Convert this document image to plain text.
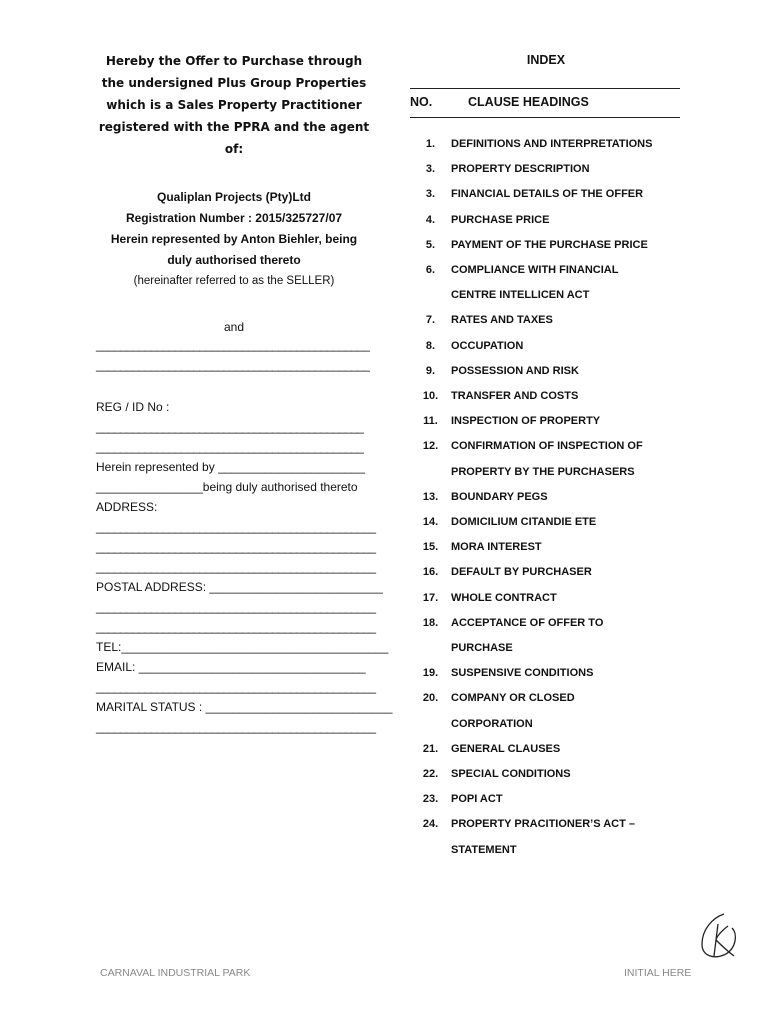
Hereby the Offer to Purchase through
the undersigned Plus Group Properties
which is a Sales Property Practitioner
registered with the PPRA and the agent
of:

Qualiplan Projects (Pty)Ltd
Registration Number : 2015/325727/07
Herein represented by Anton Biehler, being
duly authorised thereto
(hereinafter referred to as the SELLER)
and
_____________________________________________
_____________________________________________
REG / ID No :
____________________________________________
____________________________________________
Herein represented by ______________________
________________being duly authorised thereto
ADDRESS:
______________________________________________
______________________________________________
______________________________________________
POSTAL ADDRESS: __________________________
______________________________________________
______________________________________________
TEL:________________________________________
EMAIL: __________________________________
______________________________________________
MARITAL STATUS : ____________________________
______________________________________________

INDEX

NO.	CLAUSE HEADINGS
1.	DEFINITIONS AND INTERPRETATIONS
3.	PROPERTY DESCRIPTION
3.	FINANCIAL DETAILS OF THE OFFER
4.	PURCHASE PRICE
5.	PAYMENT OF THE PURCHASE PRICE
6.	COMPLIANCE WITH FINANCIAL
CENTRE INTELLICEN ACT
7.	RATES AND TAXES
8.	OCCUPATION
9.	POSSESSION AND RISK
10.	TRANSFER AND COSTS
11.	INSPECTION OF PROPERTY
12.	CONFIRMATION OF INSPECTION OF
PROPERTY BY THE PURCHASERS
13.	BOUNDARY PEGS
14.	DOMICILIUM CITANDIE ETE
15.	MORA INTEREST
16.	DEFAULT BY PURCHASER
17.	WHOLE CONTRACT
18.	ACCEPTANCE OF OFFER TO
PURCHASE
19.	SUSPENSIVE CONDITIONS
20.	COMPANY OR CLOSED
CORPORATION
21.	GENERAL CLAUSES
22.	SPECIAL CONDITIONS
23.	POPI ACT
24.	PROPERTY PRACITIONER’S ACT –
STATEMENT
CARNAVAL INDUSTRIAL PARK	INITIAL HERE
